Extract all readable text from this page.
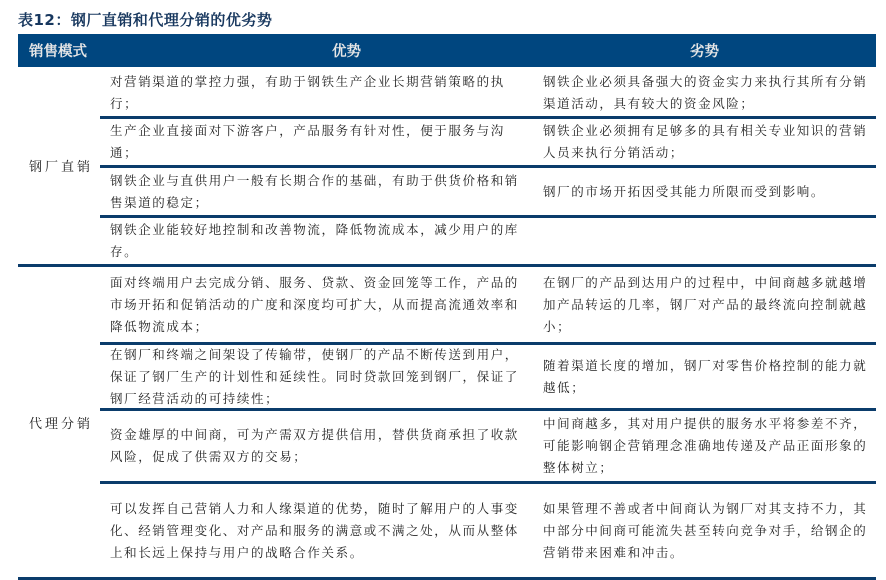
表12：钢厂直销和代理分销的优劣势
销售模式	优势	劣势
钢厂直销
对营销渠道的掌控力强，有助于钢铁生产企业长期营销策略的执行；
钢铁企业必须具备强大的资金实力来执行其所有分销渠道活动，具有较大的资金风险；
生产企业直接面对下游客户，产品服务有针对性，便于服务与沟通；
钢铁企业必须拥有足够多的具有相关专业知识的营销人员来执行分销活动；
钢铁企业与直供用户一般有长期合作的基础，有助于供货价格和销售渠道的稳定；
钢厂的市场开拓因受其能力所限而受到影响。
钢铁企业能较好地控制和改善物流，降低物流成本，减少用户的库存。
代理分销
面对终端用户去完成分销、服务、贷款、资金回笼等工作，产品的市场开拓和促销活动的广度和深度均可扩大，从而提高流通效率和降低物流成本；
在钢厂的产品到达用户的过程中，中间商越多就越增加产品转运的几率，钢厂对产品的最终流向控制就越小；
在钢厂和终端之间架设了传输带，使钢厂的产品不断传送到用户，保证了钢厂生产的计划性和延续性。同时贷款回笼到钢厂，保证了钢厂经营活动的可持续性；
随着渠道长度的增加，钢厂对零售价格控制的能力就越低；
资金雄厚的中间商，可为产需双方提供信用，替供货商承担了收款风险，促成了供需双方的交易；
中间商越多，其对用户提供的服务水平将参差不齐，可能影响钢企营销理念准确地传递及产品正面形象的整体树立；
可以发挥自己营销人力和人缘渠道的优势，随时了解用户的人事变化、经销管理变化、对产品和服务的满意或不满之处，从而从整体上和长远上保持与用户的战略合作关系。
如果管理不善或者中间商认为钢厂对其支持不力，其中部分中间商可能流失甚至转向竞争对手，给钢企的营销带来困难和冲击。
